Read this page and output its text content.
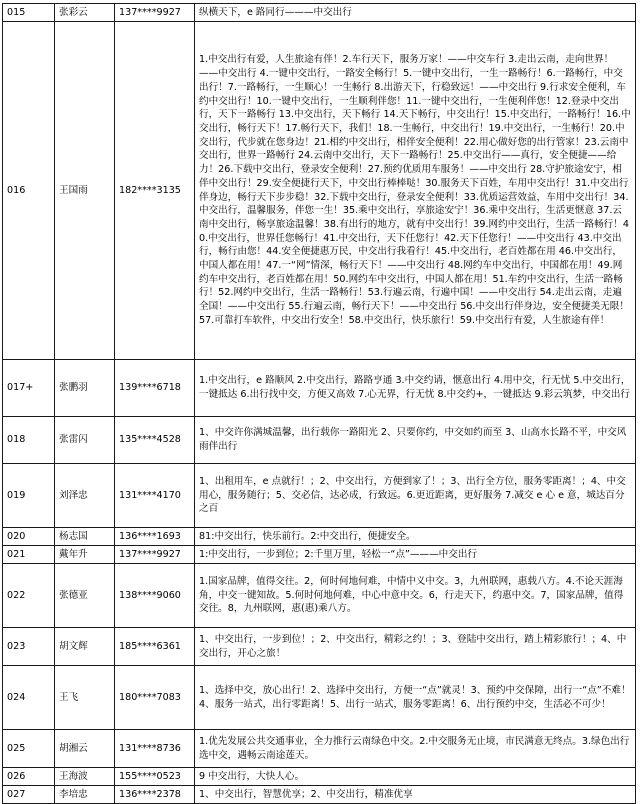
015	张彩云	137****9927	纵横天下，e 路同行———中交出行
016	王国雨	182****3135	1.中交出行有爱，人生旅途有伴！2.车行天下，服务万家！——中交车行 3.走出云南，走向世界！——中交出行 4.一键中交出行，一路安全畅行！5.一键中交出行，一生一路畅行！6.一路畅行，中交出行！7.一路畅行，一生顺心！一生畅行 8.出游天下，行稳致远！——中交出行 9.行求安全便利，车约中交出行！10.一键中交出行，一生顺利伴您！11.一键中交出行，一生便利伴您！12.登录中交出行，天下一路畅行 13.中交出行，天下畅行 14.天下畅行，中交出行！15.中交出行，一路畅行！16.中交出行，畅行天下！17.畅行天下，我们！18.一生畅行，中交出行！19.中交出行，一生畅行！20.中交出行，代步就在您身边！21.相约中交出行，相伴安全便利！22.用心做好您的出行管家！23.云南中交出行，世界一路畅行 24.云南中交出行，天下一路畅行！25.中交出行——真行，安全便捷——给力！26.下载中交出行，登录安全便利！27.预约优质用车服务！——中交出行 28.守护旅途安宁，相伴中交出行！29.安全便捷行天下，中交出行棒棒哒！30.服务天下百姓，车用中交出行！31.中交出行伴身边，畅行天下步步稳！32.下载中交出行，登录安全便利！33.优质运营效益，车用中交出行！34.中交出行，温馨服务，伴您一生！35.乘中交出行，享旅途安宁！36.乘中交出行，生活更惬意 37.云南中交出行，畅享旅途温馨！38.有出行的地方，就有中交出行！39.网约中交出行，生活一路畅行！40.中交出行，世界任您畅行！41.中交出行，天下任您行！42.天下任您行！——中交出行 43.中交出行，畅行由您！44.安全便捷惠万民，中交出行我看行！45.中交出行，老百姓都在用 46.中交出行，中国人都在用！47.一“网”情深，畅行天下！——中交出行 48.网约车中交出行，中国都在用！49.网约车中交出行，老百姓都在用！50.网约车中交出行，中国人都在用！51.车约中交出行，生活一路畅行！52.网约中交出行，生活一路畅行！53.行遍云南，行遍中国！——中交出行 54.走出云南，走遍全国！——中交出行 55.行遍云南，畅行天下！——中交出行 56.中交出行伴身边，安全便捷美无限！57.可靠打车软件，中交出行安全！58.中交出行，快乐旅行！59.中交出行有爱，人生旅途有伴！
017+	张鹏羽	139****6718	1.中交出行，e 路顺风 2.中交出行，路路亨通 3.中交约请，惬意出行 4.用中交，行无忧 5.中交出行，一键抵达 6.出行找中交，方便又高效 7.心无界，行无忧 8.中交约+，一键抵达 9.彩云筑梦，中交出行
018	张雷闪	135****4528	1、中交许你满城温馨，出行载你一路阳光 2、只要你约，中交如约而至 3、山高水长路不平，中交风雨伴出行
019	刘泽忠	131****4170	1、出租用车，e 点就行！；2、中交出行，方便到家了！；3、出行全方位，服务零距离！；4、中交用心，服务随行；5、交必信，达必成，行致远。6.更近距离，更好服务 7.减交 e 心 e 意，城达百分之百
020	杨志国	136****1693	81:中交出行，快乐前行。2:中交出行，便捷安全。
021	戴年升	137****9927	1:中交出行，一步到位；2:千里万里，轻松一“点”———中交出行
022	张德亚	138****9060	1.国家品牌，值得交往。2，何时何地何难，中情中义中交。3，九州联网，惠载八方。4.不论天涯海角，中交一键知故。5.何时何地何难，中心中意中交。6，行走天下，约惠中交。7，国家品牌，值得交往。8，九州联网，惠(惠)乘八方。
023	胡文辉	185****6361	1、中交出行，一步到位！；2、中交出行，精彩之约！；3、登陆中交出行，踏上精彩旅行！；4、中交出行，开心之旅！
024	王飞	180****7083	1、选择中交，放心出行！2、选择中交出行，方便一“点”就灵！3、预约中交保障，出行一“点”不难！4、服务一站式，出行零距离！5、出行一站式，服务零距离！6、出行预约中交，生活必不可少！
025	胡湘云	131****8736	1.优先发展公共交通事业，全力推行云南绿色中交。2.中交服务无止境，市民满意无终点。3.绿色出行选中交，遇畅云南途莲天。
026	王海波	155****0523	9 中交出行，大快人心。
027	李培忠	136****2378	1、中交出行，智慧优享；2、中交出行，精准优享
